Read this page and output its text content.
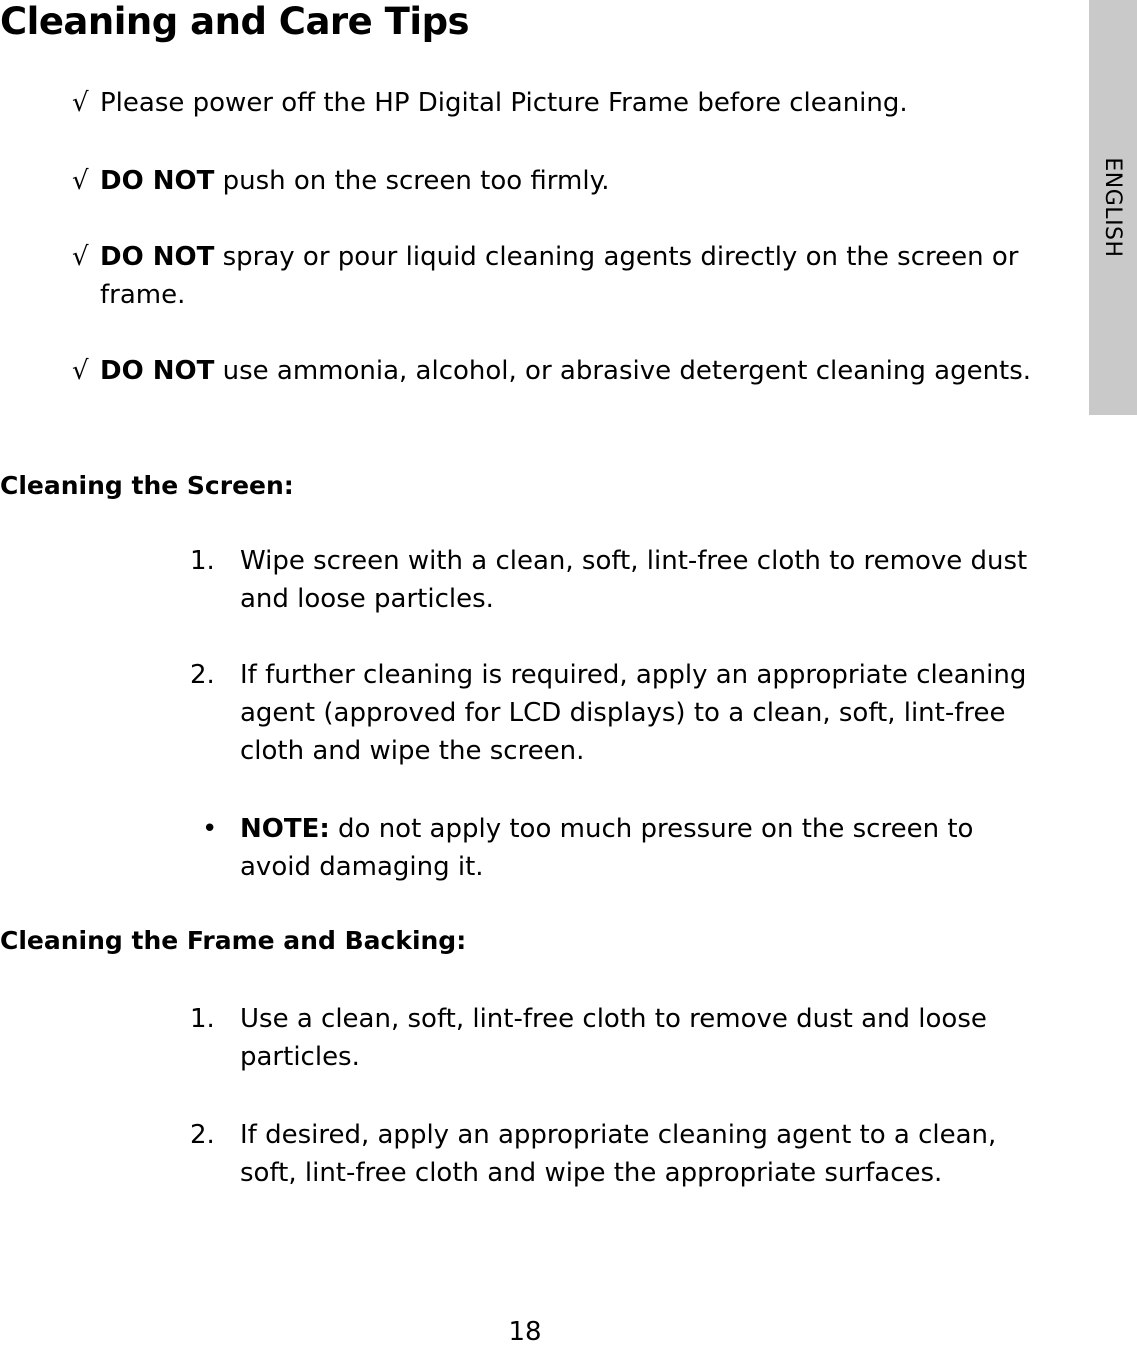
Cleaning and Care Tips
ENGLISH
√ Please power off the HP Digital Picture Frame before cleaning.
√ DO NOT push on the screen too firmly.
√ DO NOT spray or pour liquid cleaning agents directly on the screen or frame.
√ DO NOT use ammonia, alcohol, or abrasive detergent cleaning agents.
Cleaning the Screen:
1. Wipe screen with a clean, soft, lint-free cloth to remove dust and loose particles.
2. If further cleaning is required, apply an appropriate cleaning agent (approved for LCD displays) to a clean, soft, lint-free cloth and wipe the screen.
• NOTE: do not apply too much pressure on the screen to avoid damaging it.
Cleaning the Frame and Backing:
1. Use a clean, soft, lint-free cloth to remove dust and loose particles.
2. If desired, apply an appropriate cleaning agent to a clean, soft, lint-free cloth and wipe the appropriate surfaces.
18
